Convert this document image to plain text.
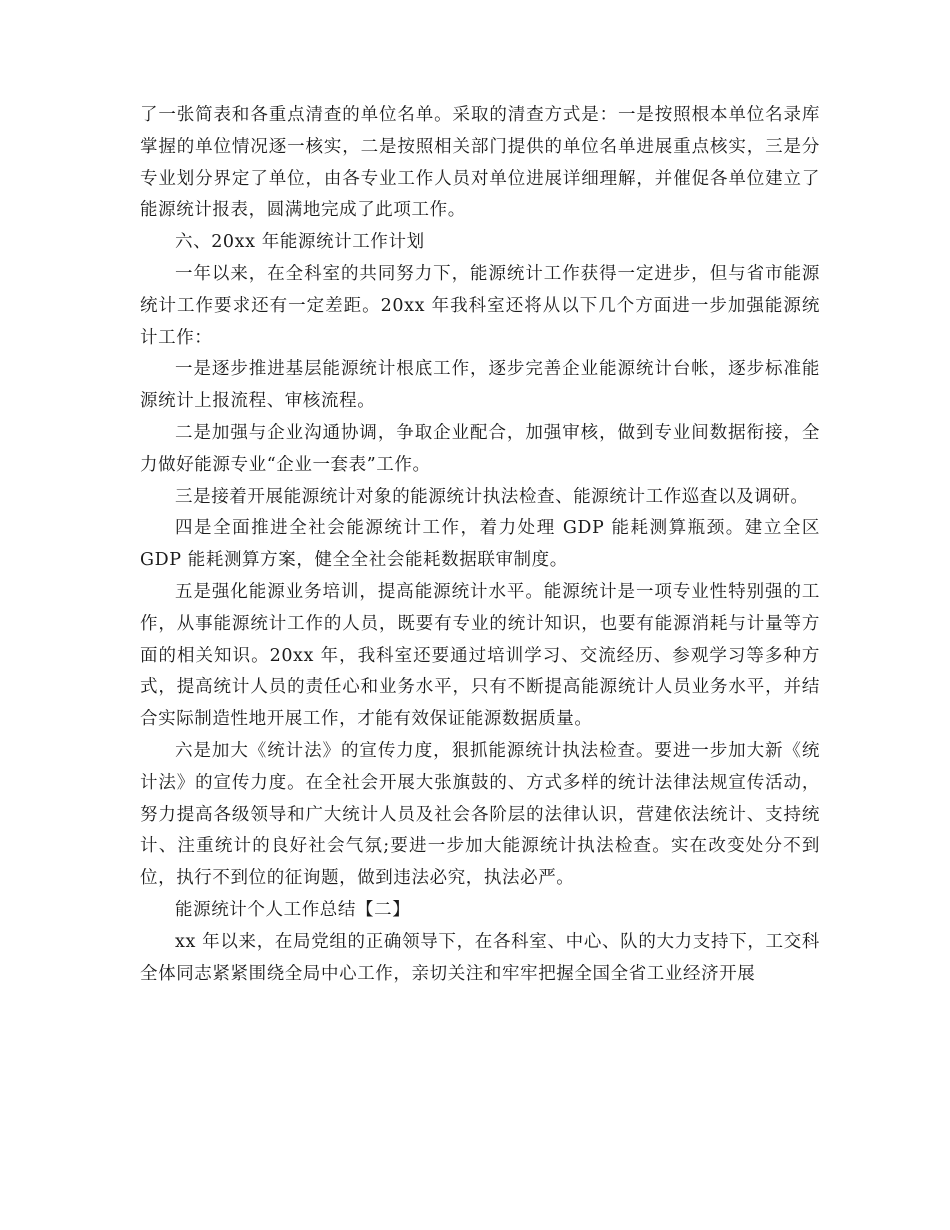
了一张简表和各重点清查的单位名单。采取的清查方式是：一是按照根本单位名录库掌握的单位情况逐一核实，二是按照相关部门提供的单位名单进展重点核实，三是分专业划分界定了单位，由各专业工作人员对单位进展详细理解，并催促各单位建立了能源统计报表，圆满地完成了此项工作。

六、20xx 年能源统计工作计划

一年以来，在全科室的共同努力下，能源统计工作获得一定进步，但与省市能源统计工作要求还有一定差距。20xx 年我科室还将从以下几个方面进一步加强能源统计工作：

一是逐步推进基层能源统计根底工作，逐步完善企业能源统计台帐，逐步标准能源统计上报流程、审核流程。

二是加强与企业沟通协调，争取企业配合，加强审核，做到专业间数据衔接，全力做好能源专业“企业一套表”工作。

三是接着开展能源统计对象的能源统计执法检查、能源统计工作巡查以及调研。

四是全面推进全社会能源统计工作，着力处理 GDP 能耗测算瓶颈。建立全区 GDP 能耗测算方案，健全全社会能耗数据联审制度。

五是强化能源业务培训，提高能源统计水平。能源统计是一项专业性特别强的工作，从事能源统计工作的人员，既要有专业的统计知识，也要有能源消耗与计量等方面的相关知识。20xx 年，我科室还要通过培训学习、交流经历、参观学习等多种方式，提高统计人员的责任心和业务水平，只有不断提高能源统计人员业务水平，并结合实际制造性地开展工作，才能有效保证能源数据质量。

六是加大《统计法》的宣传力度，狠抓能源统计执法检查。要进一步加大新《统计法》的宣传力度。在全社会开展大张旗鼓的、方式多样的统计法律法规宣传活动，努力提高各级领导和广大统计人员及社会各阶层的法律认识，营建依法统计、支持统计、注重统计的良好社会气氛;要进一步加大能源统计执法检查。实在改变处分不到位，执行不到位的征询题，做到违法必究，执法必严。

能源统计个人工作总结【二】

xx 年以来，在局党组的正确领导下，在各科室、中心、队的大力支持下，工交科全体同志紧紧围绕全局中心工作，亲切关注和牢牢把握全国全省工业经济开展
